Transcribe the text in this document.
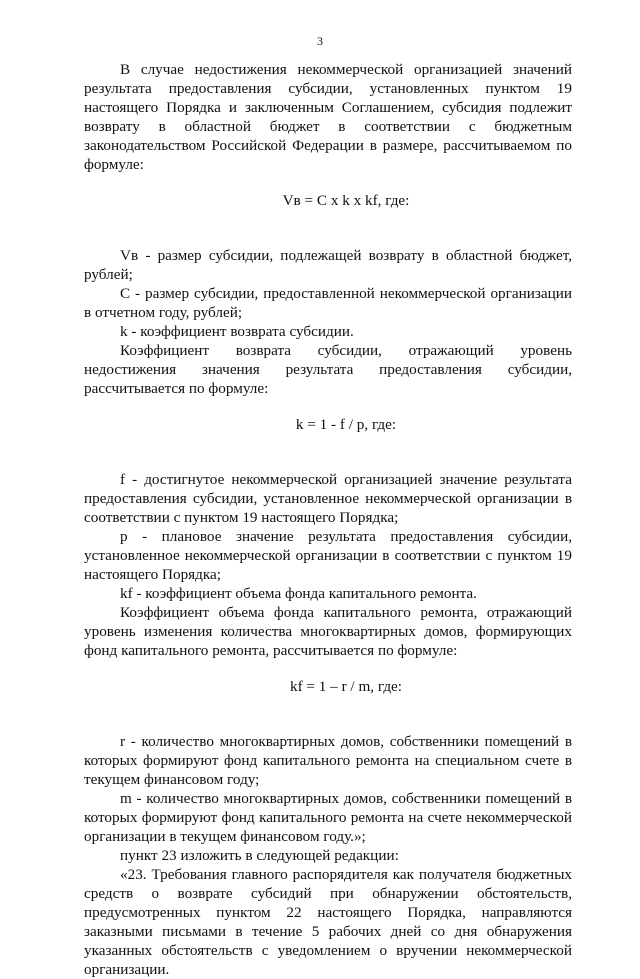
3

В случае недостижения некоммерческой организацией значений результата предоставления субсидии, установленных пунктом 19 настоящего Порядка и заключенным Соглашением, субсидия подлежит возврату в областной бюджет в соответствии с бюджетным законодательством Российской Федерации в размере, рассчитываемом по формуле:

Vв = C x k x kf, где:

Vв - размер субсидии, подлежащей возврату в областной бюджет, рублей;

C - размер субсидии, предоставленной некоммерческой организации в отчетном году, рублей;

k - коэффициент возврата субсидии.

Коэффициент возврата субсидии, отражающий уровень недостижения значения результата предоставления субсидии, рассчитывается по формуле:

k = 1 - f / p, где:

f - достигнутое некоммерческой организацией значение результата предоставления субсидии, установленное некоммерческой организации в соответствии с пунктом 19 настоящего Порядка;

p - плановое значение результата предоставления субсидии, установленное некоммерческой организации в соответствии с пунктом 19 настоящего Порядка;

kf - коэффициент объема фонда капитального ремонта.

Коэффициент объема фонда капитального ремонта, отражающий уровень изменения количества многоквартирных домов, формирующих фонд капитального ремонта, рассчитывается по формуле:

kf = 1 – r / m, где:

r - количество многоквартирных домов, собственники помещений в которых формируют фонд капитального ремонта на специальном счете в текущем финансовом году;

m - количество многоквартирных домов, собственники помещений в которых формируют фонд капитального ремонта на счете некоммерческой организации в текущем финансовом году.»;

пункт 23 изложить в следующей редакции:

«23. Требования главного распорядителя как получателя бюджетных средств о возврате субсидий при обнаружении обстоятельств, предусмотренных пунктом 22 настоящего Порядка, направляются заказными письмами в течение 5 рабочих дней со дня обнаружения указанных обстоятельств с уведомлением о вручении некоммерческой организации.
